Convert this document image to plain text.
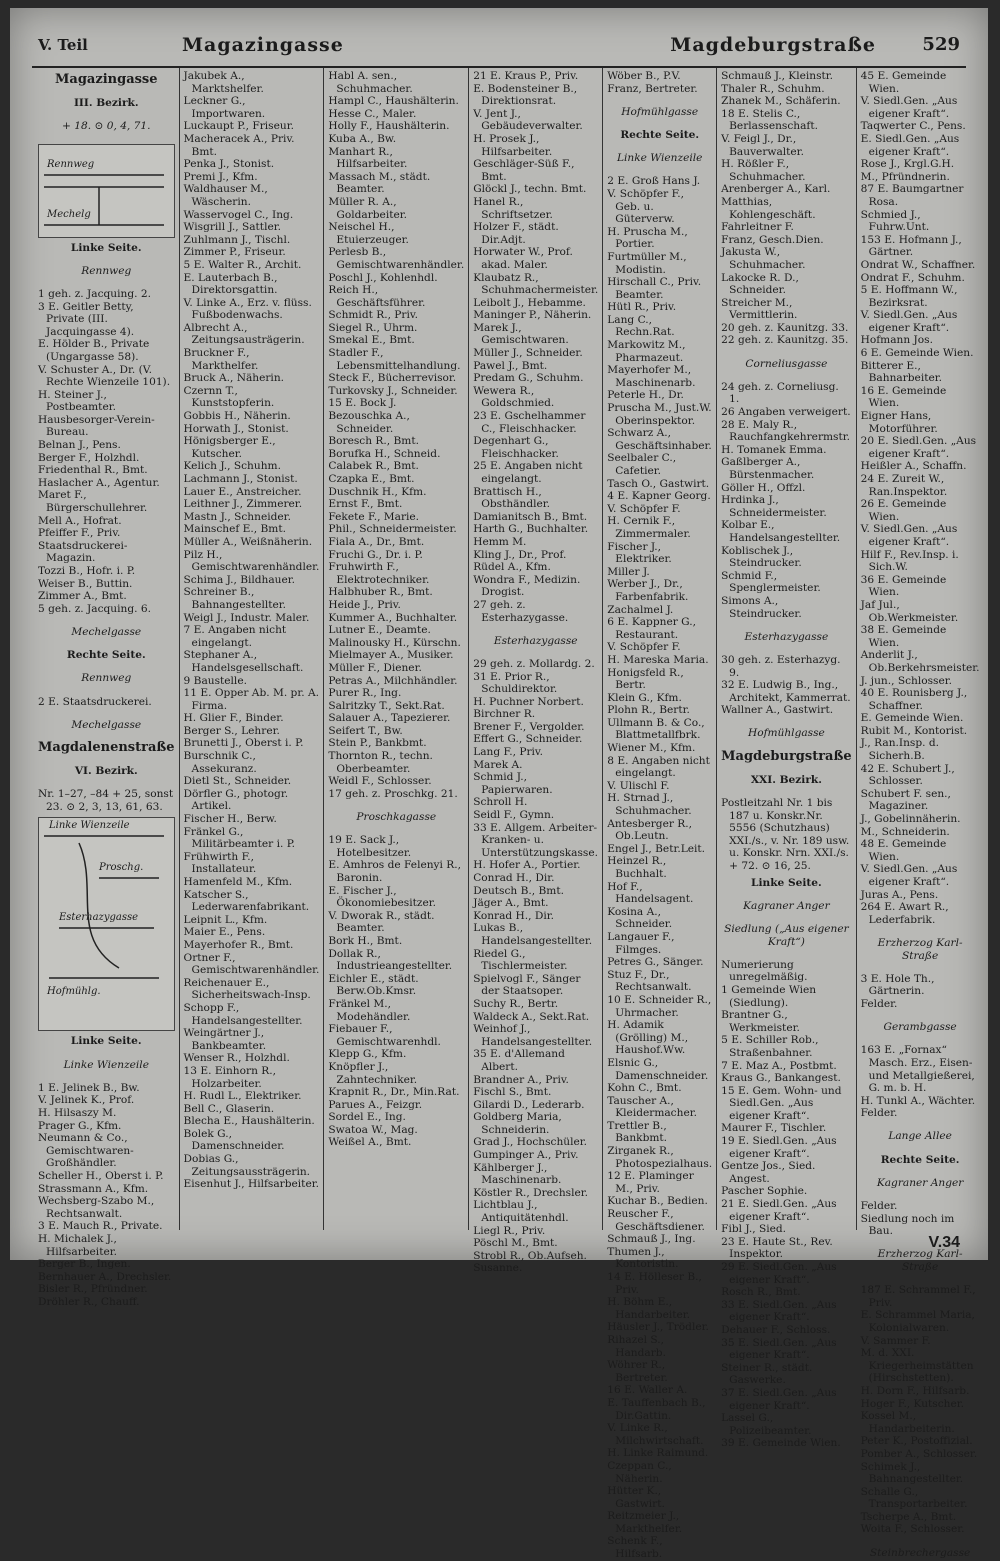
V. Teil	Magazingasse	Magdeburgstraße	529

Magazingasse

III. Bezirk.

+ 18. ⊙ 0, 4, 71.

Rennweg
Mechelg

Linke Seite.

Rennweg

1 geh. z. Jacquing. 2.

3 E. Geitler Betty, Private (III. Jacquingasse 4).

E. Hölder B., Private (Ungargasse 58).

V. Schuster A., Dr. (V. Rechte Wienzeile 101).

H. Steiner J., Postbeamter.

Hausbesorger-Verein-Bureau.

Belnan J., Pens.

Berger F., Holzhdl.

Friedenthal R., Bmt.

Haslacher A., Agentur.

Maret F., Bürgerschullehrer.

Mell A., Hofrat.

Pfeiffer F., Priv.

Staatsdruckerei-Magazin.

Tozzi B., Hofr. i. P.

Weiser B., Buttin.

Zimmer A., Bmt.

5 geh. z. Jacquing. 6.

Mechelgasse

Rechte Seite.

Rennweg

2 E. Staatsdruckerei.

Mechelgasse

Magdalenenstraße

VI. Bezirk.

Nr. 1–27, –84 + 25, sonst 23. ⊙ 2, 3, 13, 61, 63.

Linke Wienzeile
Proschg.
Esterhazygasse
Hofmühlg.

Linke Seite.

Linke Wienzeile

1 E. Jelinek B., Bw.

V. Jelinek K., Prof.

H. Hilsaszy M.

Prager G., Kfm.

Neumann & Co., Gemischtwaren-Großhändler.

Scheller H., Oberst i. P.

Strassmann A., Kfm.

Wechsberg-Szabo M., Rechtsanwalt.

3 E. Mauch R., Private.

H. Michalek J., Hilfsarbeiter.

Berger B., Ingen.

Bernhauer A., Drechsler.

Bisler R., Pfründner.

Dröhler R., Chauff.

Jakubek A., Marktshelfer.

Leckner G., Importwaren.

Luckaupt P., Friseur.

Macheracek A., Priv. Bmt.

Penka J., Stonist.

Premi J., Kfm.

Waldhauser M., Wäscherin.

Wasservogel C., Ing.

Wisgrill J., Sattler.

Zuhlmann J., Tischl.

Zimmer P., Friseur.

5 E. Walter R., Archit.

E. Lauterbach B., Direktorsgattin.

V. Linke A., Erz. v. flüss. Fußbodenwachs.

Albrecht A., Zeitungsausträgerin.

Bruckner F., Markthelfer.

Bruck A., Näherin.

Czernn T., Kunststopferin.

Gobbis H., Näherin.

Horwath J., Stonist.

Hönigsberger E., Kutscher.

Kelich J., Schuhm.

Lachmann J., Stonist.

Lauer E., Anstreicher.

Leithner J., Zimmerer.

Mastn J., Schneider.

Mainschef E., Bmt.

Müller A., Weißnäherin.

Pilz H., Gemischtwarenhändler.

Schima J., Bildhauer.

Schreiner B., Bahnangestellter.

Weigl J., Industr. Maler.

7 E. Angaben nicht eingelangt.

Stephaner A., Handelsgesellschaft.

9 Baustelle.

11 E. Opper Ab. M. pr. A. Firma.

H. Glier F., Binder.

Berger S., Lehrer.

Brunetti J., Oberst i. P.

Burschnik C., Assekuranz.

Dietl St., Schneider.

Dörfler G., photogr. Artikel.

Fischer H., Berw.

Fränkel G., Militärbeamter i. P.

Frühwirth F., Installateur.

Hamenfeld M., Kfm.

Katscher S., Lederwarenfabrikant.

Leipnit L., Kfm.

Maier E., Pens.

Mayerhofer R., Bmt.

Ortner F., Gemischtwarenhändler.

Reichenauer E., Sicherheitswach-Insp.

Schopp F., Handelsangestellter.

Weingärtner J., Bankbeamter.

Wenser R., Holzhdl.

13 E. Einhorn R., Holzarbeiter.

H. Rudl L., Elektriker.

Bell C., Glaserin.

Blecha E., Haushälterin.

Bolek G., Damenschneider.

Dobias G., Zeitungsaussträgerin.

Eisenhut J., Hilfsarbeiter.

Habl A. sen., Schuhmacher.

Hampl C., Haushälterin.

Hesse C., Maler.

Holly F., Haushälterin.

Kuba A., Bw.

Manhart R., Hilfsarbeiter.

Massach M., städt. Beamter.

Müller R. A., Goldarbeiter.

Neischel H., Etuierzeuger.

Perlesb B., Gemischtwarenhändler.

Poschl J., Kohlenhdl.

Reich H., Geschäftsführer.

Schmidt R., Priv.

Siegel R., Uhrm.

Smekal E., Bmt.

Stadler F., Lebensmittelhandlung.

Steck F., Bücherrevisor.

Turkovsky J., Schneider.

15 E. Bock J.

Bezouschka A., Schneider.

Boresch R., Bmt.

Borufka H., Schneid.

Calabek R., Bmt.

Czapka E., Bmt.

Duschnik H., Kfm.

Ernst F., Bmt.

Fekete F., Marie.

Phil., Schneidermeister.

Fiala A., Dr., Bmt.

Fruchi G., Dr. i. P.

Fruhwirth F., Elektrotechniker.

Halbhuber R., Bmt.

Heide J., Priv.

Kummer A., Buchhalter.

Lutner E., Deamte.

Malinousky H., Kürschn.

Mielmayer A., Musiker.

Müller F., Diener.

Petras A., Milchhändler.

Purer R., Ing.

Salritzky T., Sekt.Rat.

Salauer A., Tapezierer.

Seifert T., Bw.

Stein P., Bankbmt.

Thornton R., techn. Oberbeamter.

Weidl F., Schlosser.

17 geh. z. Proschkg. 21.

Proschkagasse

19 E. Sack J., Hotelbesitzer.

E. Amhros de Felenyi R., Baronin.

E. Fischer J., Ökonomiebesitzer.

V. Dworak R., städt. Beamter.

Bork H., Bmt.

Dollak R., Industrieangestellter.

Eichler E., städt. Berw.Ob.Kmsr.

Fränkel M., Modehändler.

Fiebauer F., Gemischtwarenhdl.

Klepp G., Kfm.

Knöpfler J., Zahntechniker.

Krapnit R., Dr., Min.Rat.

Parues A., Feizgr.

Sordel E., Ing.

Swatoa W., Mag.

Weißel A., Bmt.

21 E. Kraus P., Priv.

E. Bodensteiner B., Direktionsrat.

V. Jent J., Gebäudeverwalter.

H. Prosek J., Hilfsarbeiter.

Geschläger-Süß F., Bmt.

Glöckl J., techn. Bmt.

Hanel R., Schriftsetzer.

Holzer F., städt. Dir.Adjt.

Horwater W., Prof. akad. Maler.

Klaubatz R., Schuhmachermeister.

Leibolt J., Hebamme.

Maninger P., Näherin.

Marek J., Gemischtwaren.

Müller J., Schneider.

Pawel J., Bmt.

Predam G., Schuhm.

Wewera R., Goldschmied.

23 E. Gschelhammer C., Fleischhacker.

Degenhart G., Fleischhacker.

25 E. Angaben nicht eingelangt.

Brattisch H., Obsthändler.

Damianitsch B., Bmt.

Harth G., Buchhalter.

Hemm M.

Kling J., Dr., Prof.

Rüdel A., Kfm.

Wondra F., Medizin. Drogist.

27 geh. z. Esterhazygasse.

Esterhazygasse

29 geh. z. Mollardg. 2.

31 E. Prior R., Schuldirektor.

H. Puchner Norbert.

Birchner R.

Brener F., Vergolder.

Effert G., Schneider.

Lang F., Priv.

Marek A.

Schmid J., Papierwaren.

Schroll H.

Seidl F., Gymn.

33 E. Allgem. Arbeiter-Kranken- u. Unterstützungskasse.

H. Hofer A., Portier.

Conrad H., Dir.

Deutsch B., Bmt.

Jäger A., Bmt.

Konrad H., Dir.

Lukas B., Handelsangestellter.

Riedel G., Tischlermeister.

Spielvogl F., Sänger der Staatsoper.

Suchy R., Bertr.

Waldeck A., Sekt.Rat.

Weinhof J., Handelsangestellter.

35 E. d'Allemand Albert.

Brandner A., Priv.

Fischl S., Bmt.

Gilardi D., Lederarb.

Goldberg Maria, Schneiderin.

Grad J., Hochschüler.

Gumpinger A., Priv.

Kählberger J., Maschinenarb.

Köstler R., Drechsler.

Lichtblau J., Antiquitätenhdl.

Liegl R., Priv.

Pöschl M., Bmt.

Strobl R., Ob.Aufseh.

Susanne.

Wöber B., P.V.

Franz, Bertreter.

Hofmühlgasse

Rechte Seite.

Linke Wienzeile

2 E. Groß Hans J.

V. Schöpfer F., Geb. u. Güterverw.

H. Pruscha M., Portier.

Furtmüller M., Modistin.

Hirschall C., Priv. Beamter.

Hütl R., Priv.

Lang C., Rechn.Rat.

Markowitz M., Pharmazeut.

Mayerhofer M., Maschinenarb.

Peterle H., Dr.

Pruscha M., Just.W. Oberinspektor.

Schwarz A., Geschäftsinhaber.

Seelbaler C., Cafetier.

Tasch O., Gastwirt.

4 E. Kapner Georg.

V. Schöpfer F.

H. Cernik F., Zimmermaler.

Fischer J., Elektriker.

Miller J.

Werber J., Dr., Farbenfabrik.

Zachalmel J.

6 E. Kappner G., Restaurant.

V. Schöpfer F.

H. Mareska Maria.

Honigsfeld R., Bertr.

Klein G., Kfm.

Plohn R., Bertr.

Ullmann B. & Co., Blattmetallfbrk.

Wiener M., Kfm.

8 E. Angaben nicht eingelangt.

V. Ulischl F.

H. Strnad J., Schuhmacher.

Antesberger R., Ob.Leutn.

Engel J., Betr.Leit.

Heinzel R., Buchhalt.

Hof F., Handelsagent.

Kosina A., Schneider.

Langauer F., Filmges.

Petres G., Sänger.

Stuz F., Dr., Rechtsanwalt.

10 E. Schneider R., Uhrmacher.

H. Adamik (Grölling) M., Haushof.Ww.

Elsnic G., Damenschneider.

Kohn C., Bmt.

Tauscher A., Kleidermacher.

Trettler B., Bankbmt.

Zirganek R., Photospezialhaus.

12 E. Plaminger M., Priv.

Kuchar B., Bedien.

Reuscher F., Geschäftsdiener.

Schmauß J., Ing.

Thumen J., Kontoristin.

14 E. Hölleser B., Priv.

H. Böhm E., Handarbeiter.

Häusler J., Trödler.

Rihazel S., Handarb.

Wöhrer R., Bertreter.

16 E. Waller A.

E. Tauffenbach B., Dir.Gattin.

V. Linke R., Milchwirtschaft.

H. Linke Raimund.

Czeppan C., Näherin.

Hütter K., Gastwirt.

Reitzmeier J., Markthelfer.

Schenk F., Hilfsarb.

Schmauß J., Kleinstr.

Thaler R., Schuhm.

Zhanek M., Schäferin.

18 E. Stelis C., Berlassenschaft.

V. Feigl J., Dr., Bauverwalter.

H. Rößler F., Schuhmacher.

Arenberger A., Karl.

Matthias, Kohlengeschäft.

Fahrleitner F.

Franz, Gesch.Dien.

Jakusta W., Schuhmacher.

Lakocke R. D., Schneider.

Streicher M., Vermittlerin.

20 geh. z. Kaunitzg. 33.

22 geh. z. Kaunitzg. 35.

Corneliusgasse

24 geh. z. Corneliusg. 1.

26 Angaben verweigert.

28 E. Maly R., Rauchfangkehrermstr.

H. Tomanek Emma.

Gaßlberger A., Bürstenmacher.

Göller H., Offzl.

Hrdinka J., Schneidermeister.

Kolbar E., Handelsangestellter.

Koblischek J., Steindrucker.

Schmid F., Spenglermeister.

Simons A., Steindrucker.

Esterhazygasse

30 geh. z. Esterhazyg. 9.

32 E. Ludwig B., Ing., Architekt, Kammerrat.

Wallner A., Gastwirt.

Hofmühlgasse

Magdeburgstraße

XXI. Bezirk.

Postleitzahl Nr. 1 bis 187 u. Konskr.Nr. 5556 (Schutzhaus) XXI./s., v. Nr. 189 usw. u. Konskr. Nrn. XXI./s. + 72. ⊙ 16, 25.

Linke Seite.

Kagraner Anger

Siedlung („Aus eigener Kraft“)

Numerierung unregelmäßig.

1 Gemeinde Wien (Siedlung).

Brantner G., Werkmeister.

5 E. Schiller Rob., Straßenbahner.

7 E. Maz A., Postbmt.

Kraus G., Bankangest.

15 E. Gem. Wohn- und Siedl.Gen. „Aus eigener Kraft“.

Maurer F., Tischler.

19 E. Siedl.Gen. „Aus eigener Kraft“.

Gentze Jos., Sied. Angest.

Pascher Sophie.

21 E. Siedl.Gen. „Aus eigener Kraft“.

Fibl J., Sied.

23 E. Haute St., Rev. Inspektor.

29 E. Siedl.Gen. „Aus eigener Kraft“.

Rosch R., Bmt.

33 E. Siedl.Gen. „Aus eigener Kraft“.

Dehauer F., Schloss.

35 E. Siedl.Gen. „Aus eigener Kraft“.

Steiner R., städt. Gaswerke.

37 E. Siedl.Gen. „Aus eigener Kraft“.

Lassel G., Polizeibeamter.

39 E. Gemeinde Wien.

45 E. Gemeinde Wien.

V. Siedl.Gen. „Aus eigener Kraft“.

Taqwerter C., Pens.

E. Siedl.Gen. „Aus eigener Kraft“.

Rose J., Krgl.G.H.

M., Pfründnerin.

87 E. Baumgartner Rosa.

Schmied J., Fuhrw.Unt.

153 E. Hofmann J., Gärtner.

Ondrat W., Schaffner.

Ondrat F., Schuhm.

5 E. Hoffmann W., Bezirksrat.

V. Siedl.Gen. „Aus eigener Kraft“.

Hofmann Jos.

6 E. Gemeinde Wien.

Bitterer E., Bahnarbeiter.

16 E. Gemeinde Wien.

Eigner Hans, Motorführer.

20 E. Siedl.Gen. „Aus eigener Kraft“.

Heißler A., Schaffn.

24 E. Zureit W., Ran.Inspektor.

26 E. Gemeinde Wien.

V. Siedl.Gen. „Aus eigener Kraft“.

Hilf F., Rev.Insp. i. Sich.W.

36 E. Gemeinde Wien.

Jaf Jul., Ob.Werkmeister.

38 E. Gemeinde Wien.

Anderlit J., Ob.Berkehrsmeister.

J. jun., Schlosser.

40 E. Rounisberg J., Schaffner.

E. Gemeinde Wien.

Rubit M., Kontorist.

J., Ran.Insp. d. Sicherh.B.

42 E. Schubert J., Schlosser.

Schubert F. sen., Magaziner.

J., Gobelinnäherin.

M., Schneiderin.

48 E. Gemeinde Wien.

V. Siedl.Gen. „Aus eigener Kraft“.

Juras A., Pens.

264 E. Awart R., Lederfabrik.

Erzherzog Karl-Straße

3 E. Hole Th., Gärtnerin.

Felder.

Gerambgasse

163 E. „Fornax“ Masch. Erz., Eisen- und Metallgießerei, G. m. b. H.

H. Tunkl A., Wächter.

Felder.

Lange Allee

Rechte Seite.

Kagraner Anger

Felder.

Siedlung noch im Bau.

Erzherzog Karl-Straße

187 E. Schrammel F., Priv.

E. Schrammel Maria, Kolonialwaren.

V. Sammer F.

M. d. XXI. Kriegerheimstätten (Hirschstetten).

H. Dorn F., Hilfsarb.

Hoger F., Kutscher.

Kossel M., Handarbeiterin.

Peter K., Postoffizial.

Pomber A., Schlosser.

Schimek J., Bahnangestellter.

Schalle G., Transportarbeiter.

Tscherpe A., Bmt.

Woita F., Schlosser.

Steinbrechergasse

V.34
